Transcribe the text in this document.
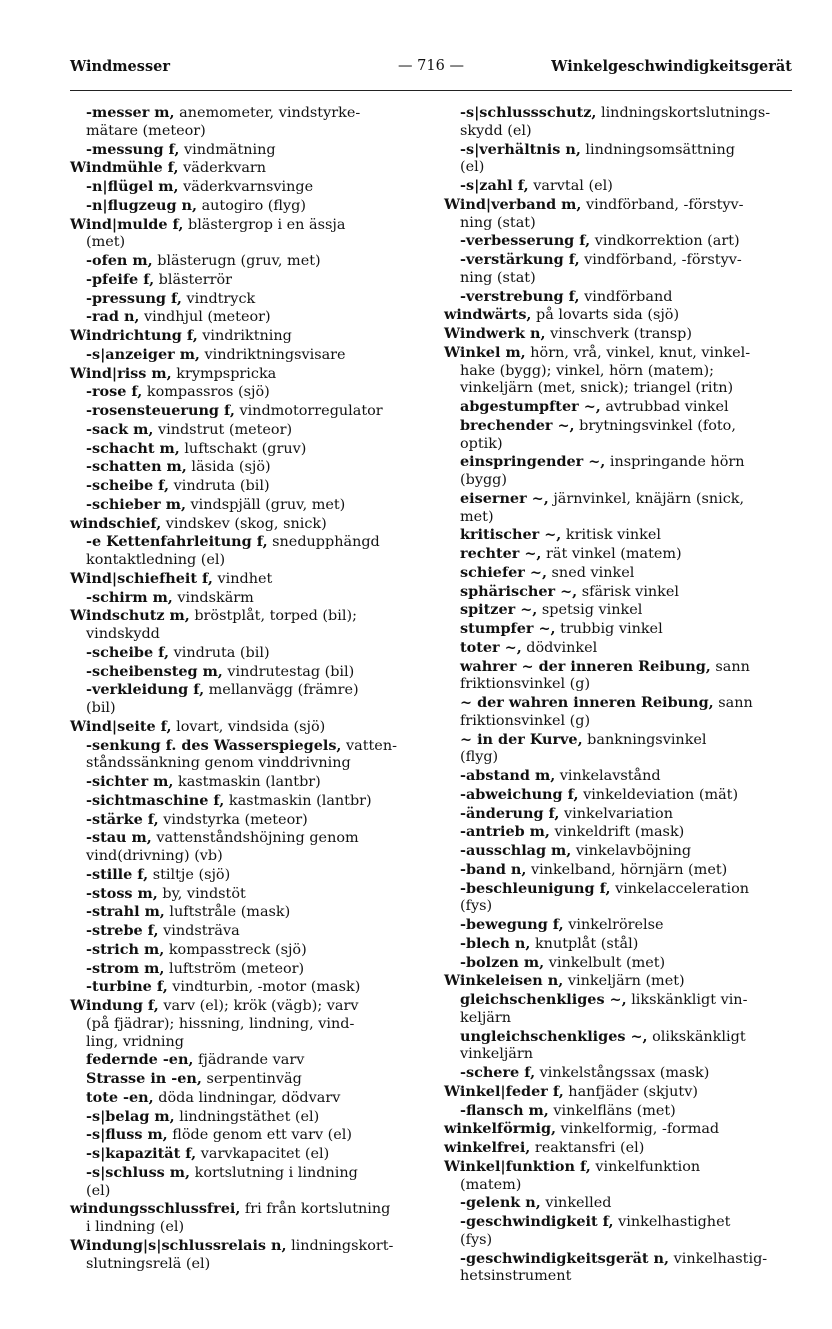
Windmesser	— 716 —	Winkelgeschwindigkeitsgerät
-messer m, anemometer, vindstyrke-
mätare (meteor)
-messung f, vindmätning
Windmühle f, väderkvarn
-n|flügel m, väderkvarnsvinge
-n|flugzeug n, autogiro (flyg)
Wind|mulde f, blästergrop i en ässja
(met)
-ofen m, blästerugn (gruv, met)
-pfeife f, blästerrör
-pressung f, vindtryck
-rad n, vindhjul (meteor)
Windrichtung f, vindriktning
-s|anzeiger m, vindriktningsvisare
Wind|riss m, krympspricka
-rose f, kompassros (sjö)
-rosensteuerung f, vindmotorregulator
-sack m, vindstrut (meteor)
-schacht m, luftschakt (gruv)
-schatten m, läsida (sjö)
-scheibe f, vindruta (bil)
-schieber m, vindspjäll (gruv, met)
windschief, vindskev (skog, snick)
-e Kettenfahrleitung f, snedupphängd
kontaktledning (el)
Wind|schiefheit f, vindhet
-schirm m, vindskärm
Windschutz m, bröstplåt, torped (bil);
vindskydd
-scheibe f, vindruta (bil)
-scheibensteg m, vindrutestag (bil)
-verkleidung f, mellanvägg (främre)
(bil)
Wind|seite f, lovart, vindsida (sjö)
-senkung f. des Wasserspiegels, vatten-
ståndssänkning genom vinddrivning
-sichter m, kastmaskin (lantbr)
-sichtmaschine f, kastmaskin (lantbr)
-stärke f, vindstyrka (meteor)
-stau m, vattenståndshöjning genom
vind(drivning) (vb)
-stille f, stiltje (sjö)
-stoss m, by, vindstöt
-strahl m, luftstråle (mask)
-strebe f, vindsträva
-strich m, kompasstreck (sjö)
-strom m, luftström (meteor)
-turbine f, vindturbin, -motor (mask)
Windung f, varv (el); krök (vägb); varv
(på fjädrar); hissning, lindning, vind-
ling, vridning
federnde -en, fjädrande varv
Strasse in -en, serpentinväg
tote -en, döda lindningar, dödvarv
-s|belag m, lindningstäthet (el)
-s|fluss m, flöde genom ett varv (el)
-s|kapazität f, varvkapacitet (el)
-s|schluss m, kortslutning i lindning
(el)
windungsschlussfrei, fri från kortslutning
i lindning (el)
Windung|s|schlussrelais n, lindningskort-
slutningsrelä (el)
-s|schlussschutz, lindningskortslutnings-
skydd (el)
-s|verhältnis n, lindningsomsättning
(el)
-s|zahl f, varvtal (el)
Wind|verband m, vindförband, -förstyv-
ning (stat)
-verbesserung f, vindkorrektion (art)
-verstärkung f, vindförband, -förstyv-
ning (stat)
-verstrebung f, vindförband
windwärts, på lovarts sida (sjö)
Windwerk n, vinschverk (transp)
Winkel m, hörn, vrå, vinkel, knut, vinkel-
hake (bygg); vinkel, hörn (matem);
vinkeljärn (met, snick); triangel (ritn)
abgestumpfter ~, avtrubbad vinkel
brechender ~, brytningsvinkel (foto,
optik)
einspringender ~, inspringande hörn
(bygg)
eiserner ~, järnvinkel, knäjärn (snick,
met)
kritischer ~, kritisk vinkel
rechter ~, rät vinkel (matem)
schiefer ~, sned vinkel
sphärischer ~, sfärisk vinkel
spitzer ~, spetsig vinkel
stumpfer ~, trubbig vinkel
toter ~, dödvinkel
wahrer ~ der inneren Reibung, sann
friktionsvinkel (g)
~ der wahren inneren Reibung, sann
friktionsvinkel (g)
~ in der Kurve, bankningsvinkel
(flyg)
-abstand m, vinkelavstånd
-abweichung f, vinkeldeviation (mät)
-änderung f, vinkelvariation
-antrieb m, vinkeldrift (mask)
-ausschlag m, vinkelavböjning
-band n, vinkelband, hörnjärn (met)
-beschleunigung f, vinkelacceleration
(fys)
-bewegung f, vinkelrörelse
-blech n, knutplåt (stål)
-bolzen m, vinkelbult (met)
Winkeleisen n, vinkeljärn (met)
gleichschenkliges ~, likskänkligt vin-
keljärn
ungleichschenkliges ~, olikskänkligt
vinkeljärn
-schere f, vinkelstångssax (mask)
Winkel|feder f, hanfjäder (skjutv)
-flansch m, vinkelfläns (met)
winkelförmig, vinkelformig, -formad
winkelfrei, reaktansfri (el)
Winkel|funktion f, vinkelfunktion
(matem)
-gelenk n, vinkelled
-geschwindigkeit f, vinkelhastighet
(fys)
-geschwindigkeitsgerät n, vinkelhastig-
hetsinstrument
